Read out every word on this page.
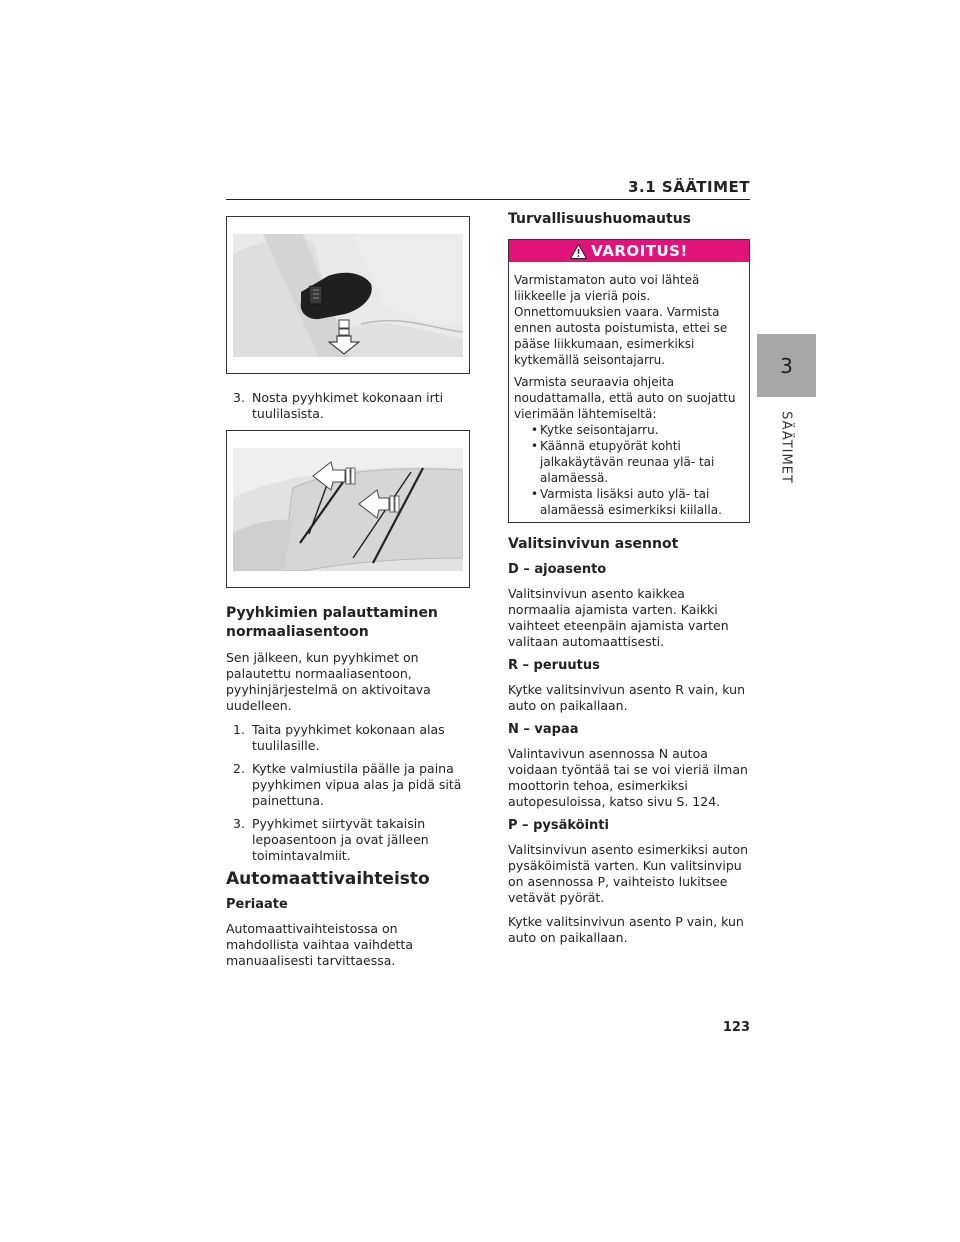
3.1 SÄÄTIMET
3
SÄÄTIMET
3. Nosta pyyhkimet kokonaan irti tuulilasista.
Pyyhkimien palauttaminen normaaliasentoon

Sen jälkeen, kun pyyhkimet on palautettu normaaliasentoon, pyyhinjärjestelmä on aktivoitava uudelleen.

1. Taita pyyhkimet kokonaan alas tuulilasille.
2. Kytke valmiustila päälle ja paina pyyhkimen vipua alas ja pidä sitä painettuna.
3. Pyyhkimet siirtyvät takaisin lepoasentoon ja ovat jälleen toimintavalmiit.
Automaattivaihteisto
Periaate

Automaattivaihteistossa on mahdollista vaihtaa vaihdetta manuaalisesti tarvittaessa.

Turvallisuushuomautus
VAROITUS!

Varmistamaton auto voi lähteä liikkeelle ja vieriä pois. Onnettomuuksien vaara. Varmista ennen autosta poistumista, ettei se pääse liikkumaan, esimerkiksi kytkemällä seisontajarru.

Varmista seuraavia ohjeita noudattamalla, että auto on suojattu vierimään lähtemiseltä:

• Kytke seisontajarru.
• Käännä etupyörät kohti jalkakäytävän reunaa ylä- tai alamäessä.
• Varmista lisäksi auto ylä- tai alamäessä esimerkiksi kiilalla.
Valitsinvivun asennot
D – ajoasento

Valitsinvivun asento kaikkea normaalia ajamista varten. Kaikki vaihteet eteenpäin ajamista varten valitaan automaattisesti.

R – peruutus

Kytke valitsinvivun asento R vain, kun auto on paikallaan.

N – vapaa

Valintavivun asennossa N autoa voidaan työntää tai se voi vieriä ilman moottorin tehoa, esimerkiksi autopesuloissa, katso sivu S. 124.

P – pysäköinti

Valitsinvivun asento esimerkiksi auton pysäköimistä varten. Kun valitsinvipu on asennossa P, vaihteisto lukitsee vetävät pyörät.

Kytke valitsinvivun asento P vain, kun auto on paikallaan.

123
